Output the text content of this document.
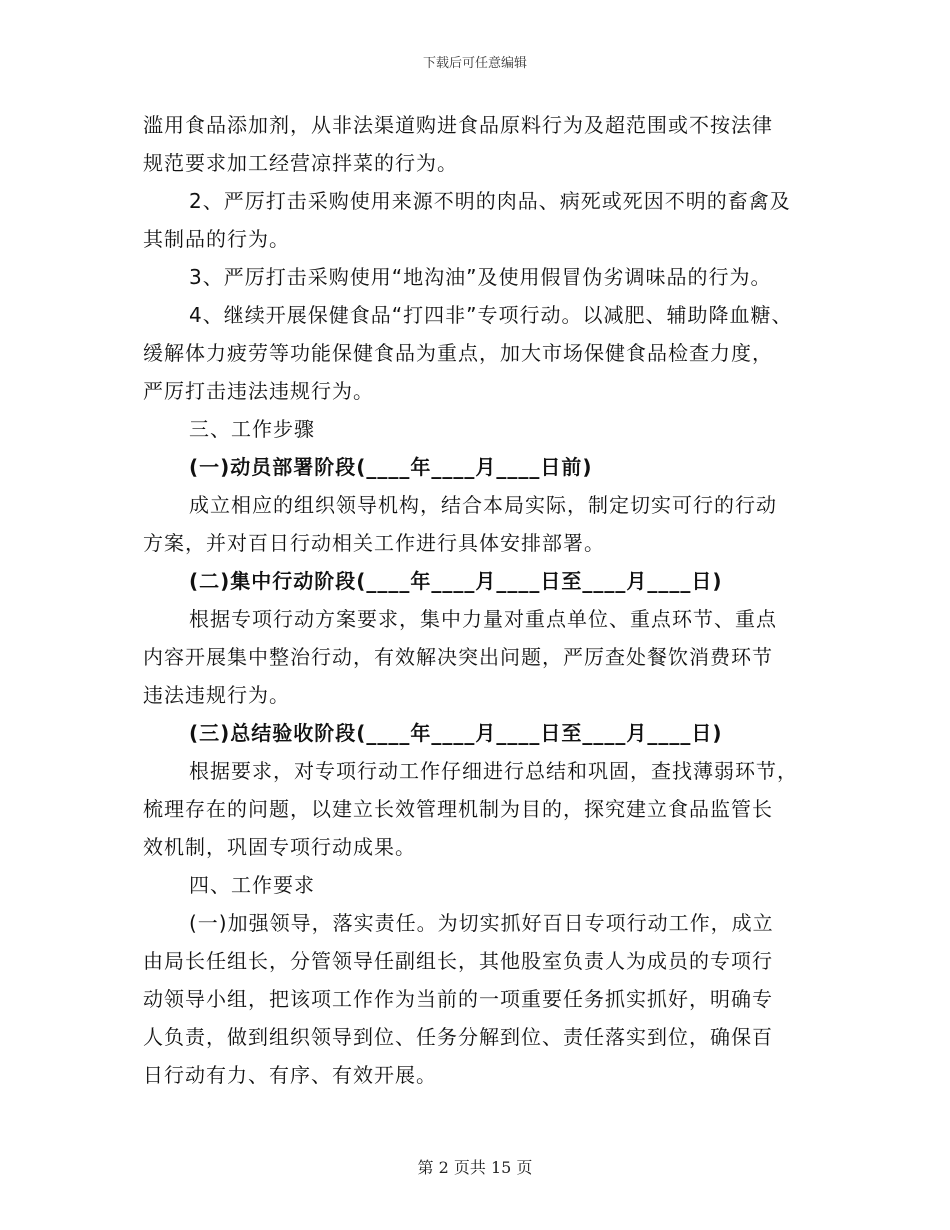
下载后可任意编辑
滥用食品添加剂，从非法渠道购进食品原料行为及超范围或不按法律
规范要求加工经营凉拌菜的行为。
2、严厉打击采购使用来源不明的肉品、病死或死因不明的畜禽及
其制品的行为。
3、严厉打击采购使用“地沟油”及使用假冒伪劣调味品的行为。
4、继续开展保健食品“打四非”专项行动。以减肥、辅助降血糖、
缓解体力疲劳等功能保健食品为重点，加大市场保健食品检查力度，
严厉打击违法违规行为。
三、工作步骤
(一)动员部署阶段(____年____月____日前)
成立相应的组织领导机构，结合本局实际，制定切实可行的行动
方案，并对百日行动相关工作进行具体安排部署。
(二)集中行动阶段(____年____月____日至____月____日)
根据专项行动方案要求，集中力量对重点单位、重点环节、重点
内容开展集中整治行动，有效解决突出问题，严厉查处餐饮消费环节
违法违规行为。
(三)总结验收阶段(____年____月____日至____月____日)
根据要求，对专项行动工作仔细进行总结和巩固，查找薄弱环节，
梳理存在的问题，以建立长效管理机制为目的，探究建立食品监管长
效机制，巩固专项行动成果。
四、工作要求
(一)加强领导，落实责任。为切实抓好百日专项行动工作，成立
由局长任组长，分管领导任副组长，其他股室负责人为成员的专项行
动领导小组，把该项工作作为当前的一项重要任务抓实抓好，明确专
人负责，做到组织领导到位、任务分解到位、责任落实到位，确保百
日行动有力、有序、有效开展。
第 2 页共 15 页
